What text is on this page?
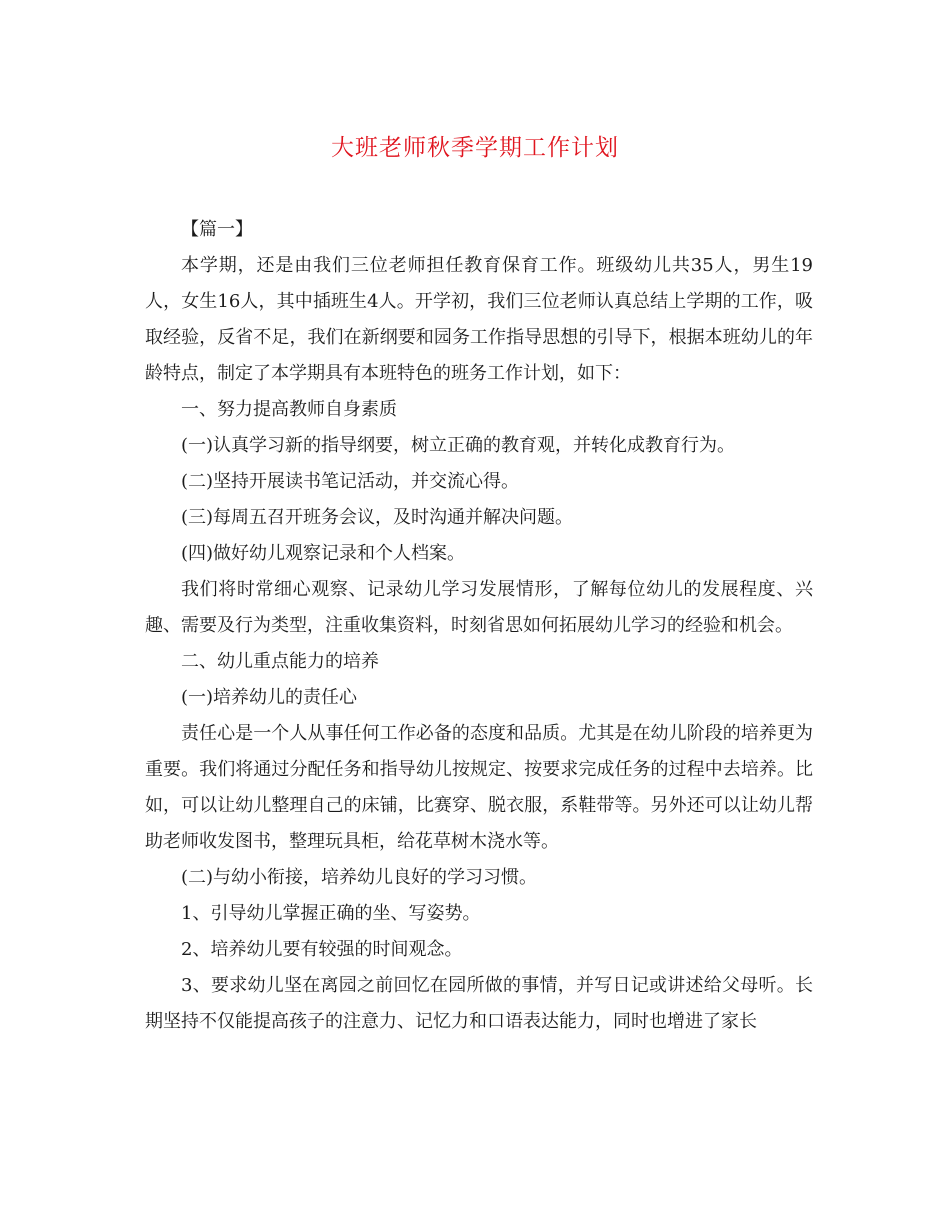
大班老师秋季学期工作计划

【篇一】

本学期，还是由我们三位老师担任教育保育工作。班级幼儿共35人，男生19人，女生16人，其中插班生4人。开学初，我们三位老师认真总结上学期的工作，吸取经验，反省不足，我们在新纲要和园务工作指导思想的引导下，根据本班幼儿的年龄特点，制定了本学期具有本班特色的班务工作计划，如下：

一、努力提高教师自身素质

(一)认真学习新的指导纲要，树立正确的教育观，并转化成教育行为。

(二)坚持开展读书笔记活动，并交流心得。

(三)每周五召开班务会议，及时沟通并解决问题。

(四)做好幼儿观察记录和个人档案。

我们将时常细心观察、记录幼儿学习发展情形，了解每位幼儿的发展程度、兴趣、需要及行为类型，注重收集资料，时刻省思如何拓展幼儿学习的经验和机会。

二、幼儿重点能力的培养

(一)培养幼儿的责任心

责任心是一个人从事任何工作必备的态度和品质。尤其是在幼儿阶段的培养更为重要。我们将通过分配任务和指导幼儿按规定、按要求完成任务的过程中去培养。比如，可以让幼儿整理自己的床铺，比赛穿、脱衣服，系鞋带等。另外还可以让幼儿帮助老师收发图书，整理玩具柜，给花草树木浇水等。

(二)与幼小衔接，培养幼儿良好的学习习惯。

1、引导幼儿掌握正确的坐、写姿势。

2、培养幼儿要有较强的时间观念。

3、要求幼儿坚在离园之前回忆在园所做的事情，并写日记或讲述给父母听。长期坚持不仅能提高孩子的注意力、记忆力和口语表达能力，同时也增进了家长
